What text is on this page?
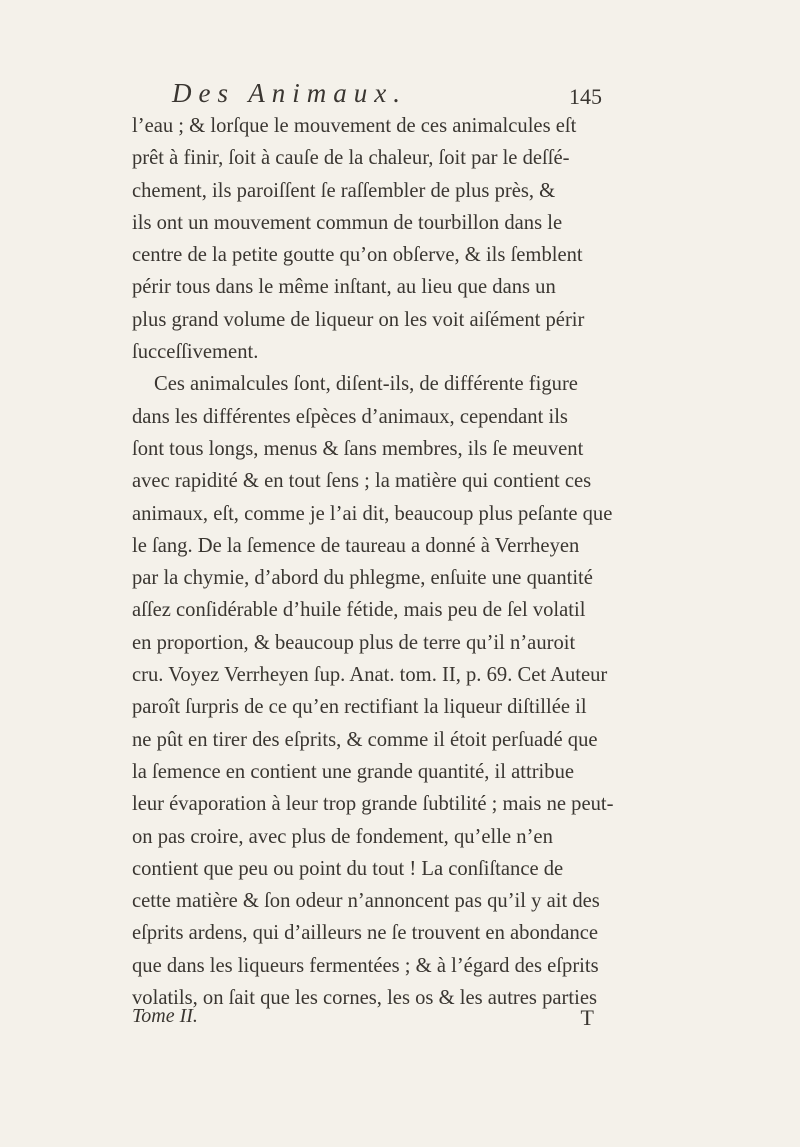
Des Animaux.	145
l’eau ; & lorſque le mouvement de ces animalcules eſt
prêt à finir, ſoit à cauſe de la chaleur, ſoit par le deſſé-
chement, ils paroiſſent ſe raſſembler de plus près, &
ils ont un mouvement commun de tourbillon dans le
centre de la petite goutte qu’on obſerve, & ils ſemblent
périr tous dans le même inſtant, au lieu que dans un
plus grand volume de liqueur on les voit aiſément périr
ſucceſſivement.
Ces animalcules ſont, diſent-ils, de différente figure
dans les différentes eſpèces d’animaux, cependant ils
ſont tous longs, menus & ſans membres, ils ſe meuvent
avec rapidité & en tout ſens ; la matière qui contient ces
animaux, eſt, comme je l’ai dit, beaucoup plus peſante que
le ſang. De la ſemence de taureau a donné à Verrheyen
par la chymie, d’abord du phlegme, enſuite une quantité
aſſez conſidérable d’huile fétide, mais peu de ſel volatil
en proportion, & beaucoup plus de terre qu’il n’auroit
cru. Voyez Verrheyen ſup. Anat. tom. II, p. 69. Cet Auteur
paroît ſurpris de ce qu’en rectifiant la liqueur diſtillée il
ne pût en tirer des eſprits, & comme il étoit perſuadé que
la ſemence en contient une grande quantité, il attribue
leur évaporation à leur trop grande ſubtilité ; mais ne peut-
on pas croire, avec plus de fondement, qu’elle n’en
contient que peu ou point du tout ! La conſiſtance de
cette matière & ſon odeur n’annoncent pas qu’il y ait des
eſprits ardens, qui d’ailleurs ne ſe trouvent en abondance
que dans les liqueurs fermentées ; & à l’égard des eſprits
volatils, on ſait que les cornes, les os & les autres parties
Tome II.	T
